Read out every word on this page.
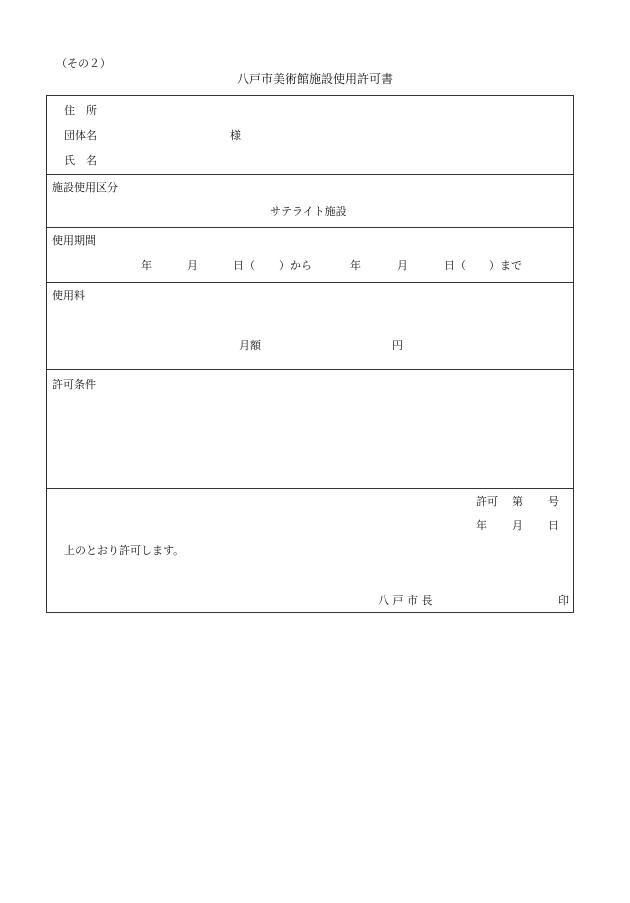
（その２）
八戸市美術館施設使用許可書
住　所
団体名	様
氏　名
施設使用区分
サテライト施設
使用期間
年	月	日（ ）から	年	月	日（ ）まで
使用料
月額	円
許可条件
許可 第 号
年 月 日
上のとおり許可します。
八 戸 市 長	印
